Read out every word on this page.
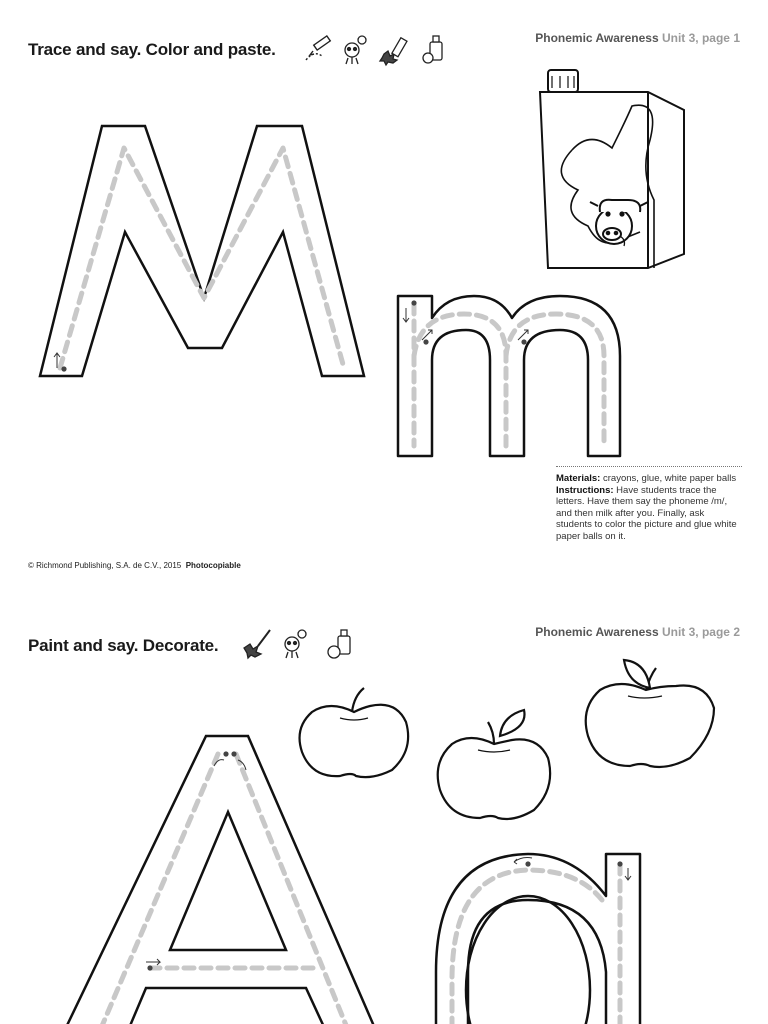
Trace and say. Color and paste.
Phonemic Awareness Unit 3, page 1
Materials: crayons, glue, white paper balls
Instructions: Have students trace the letters. Have them say the phoneme /m/, and then milk after you. Finally, ask students to color the picture and glue white paper balls on it.
© Richmond Publishing, S.A. de C.V., 2015 Photocopiable
Paint and say. Decorate.
Phonemic Awareness Unit 3, page 2
